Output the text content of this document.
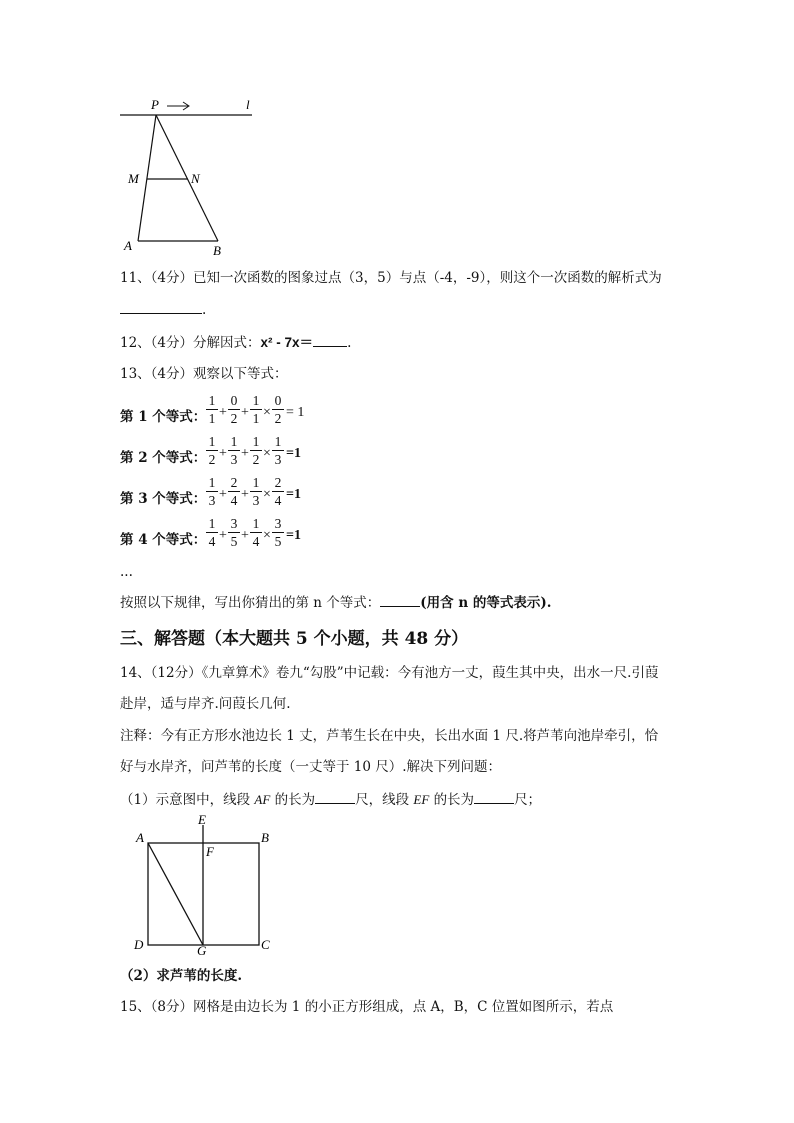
P	l
M	N
A	B
11、（4分）已知一次函数的图象过点（3，5）与点（-4，-9），则这个一次函数的解析式为
.
12、（4分）分解因式：x² - 7x＝	.
13、（4分）观察以下等式：
第 1 个等式：
1
1 +
0
2 +
1
1 ×
0
2 = 1
第 2 个等式：
1
2 +
1
3 +
1
2 ×
1
3 =1
第 3 个等式：
1
3 +
2
4 +
1
3 ×
2
4 =1
第 4 个等式：
1
4 +
3
5 +
1
4 ×
3
5 =1
...
按照以下规律，写出你猜出的第 n 个等式：	(用含 n 的等式表示).
三、解答题（本大题共 5 个小题，共 48 分）
14、（12分）《九章算术》卷九“勾股”中记载：今有池方一丈，葭生其中央，出水一尺.引葭
赴岸，适与岸齐.问葭长几何.
注释：今有正方形水池边长 1 丈，芦苇生长在中央，长出水面 1 尺.将芦苇向池岸牵引，恰
好与水岸齐，问芦苇的长度（一丈等于 10 尺）.解决下列问题：
（1）示意图中，线段 AF 的长为	尺，线段 EF 的长为	尺；
E
F
A	B
D	G	C
（2）求芦苇的长度.
15、（8分）网格是由边长为 1 的小正方形组成，点 A，B，C 位置如图所示，若点
